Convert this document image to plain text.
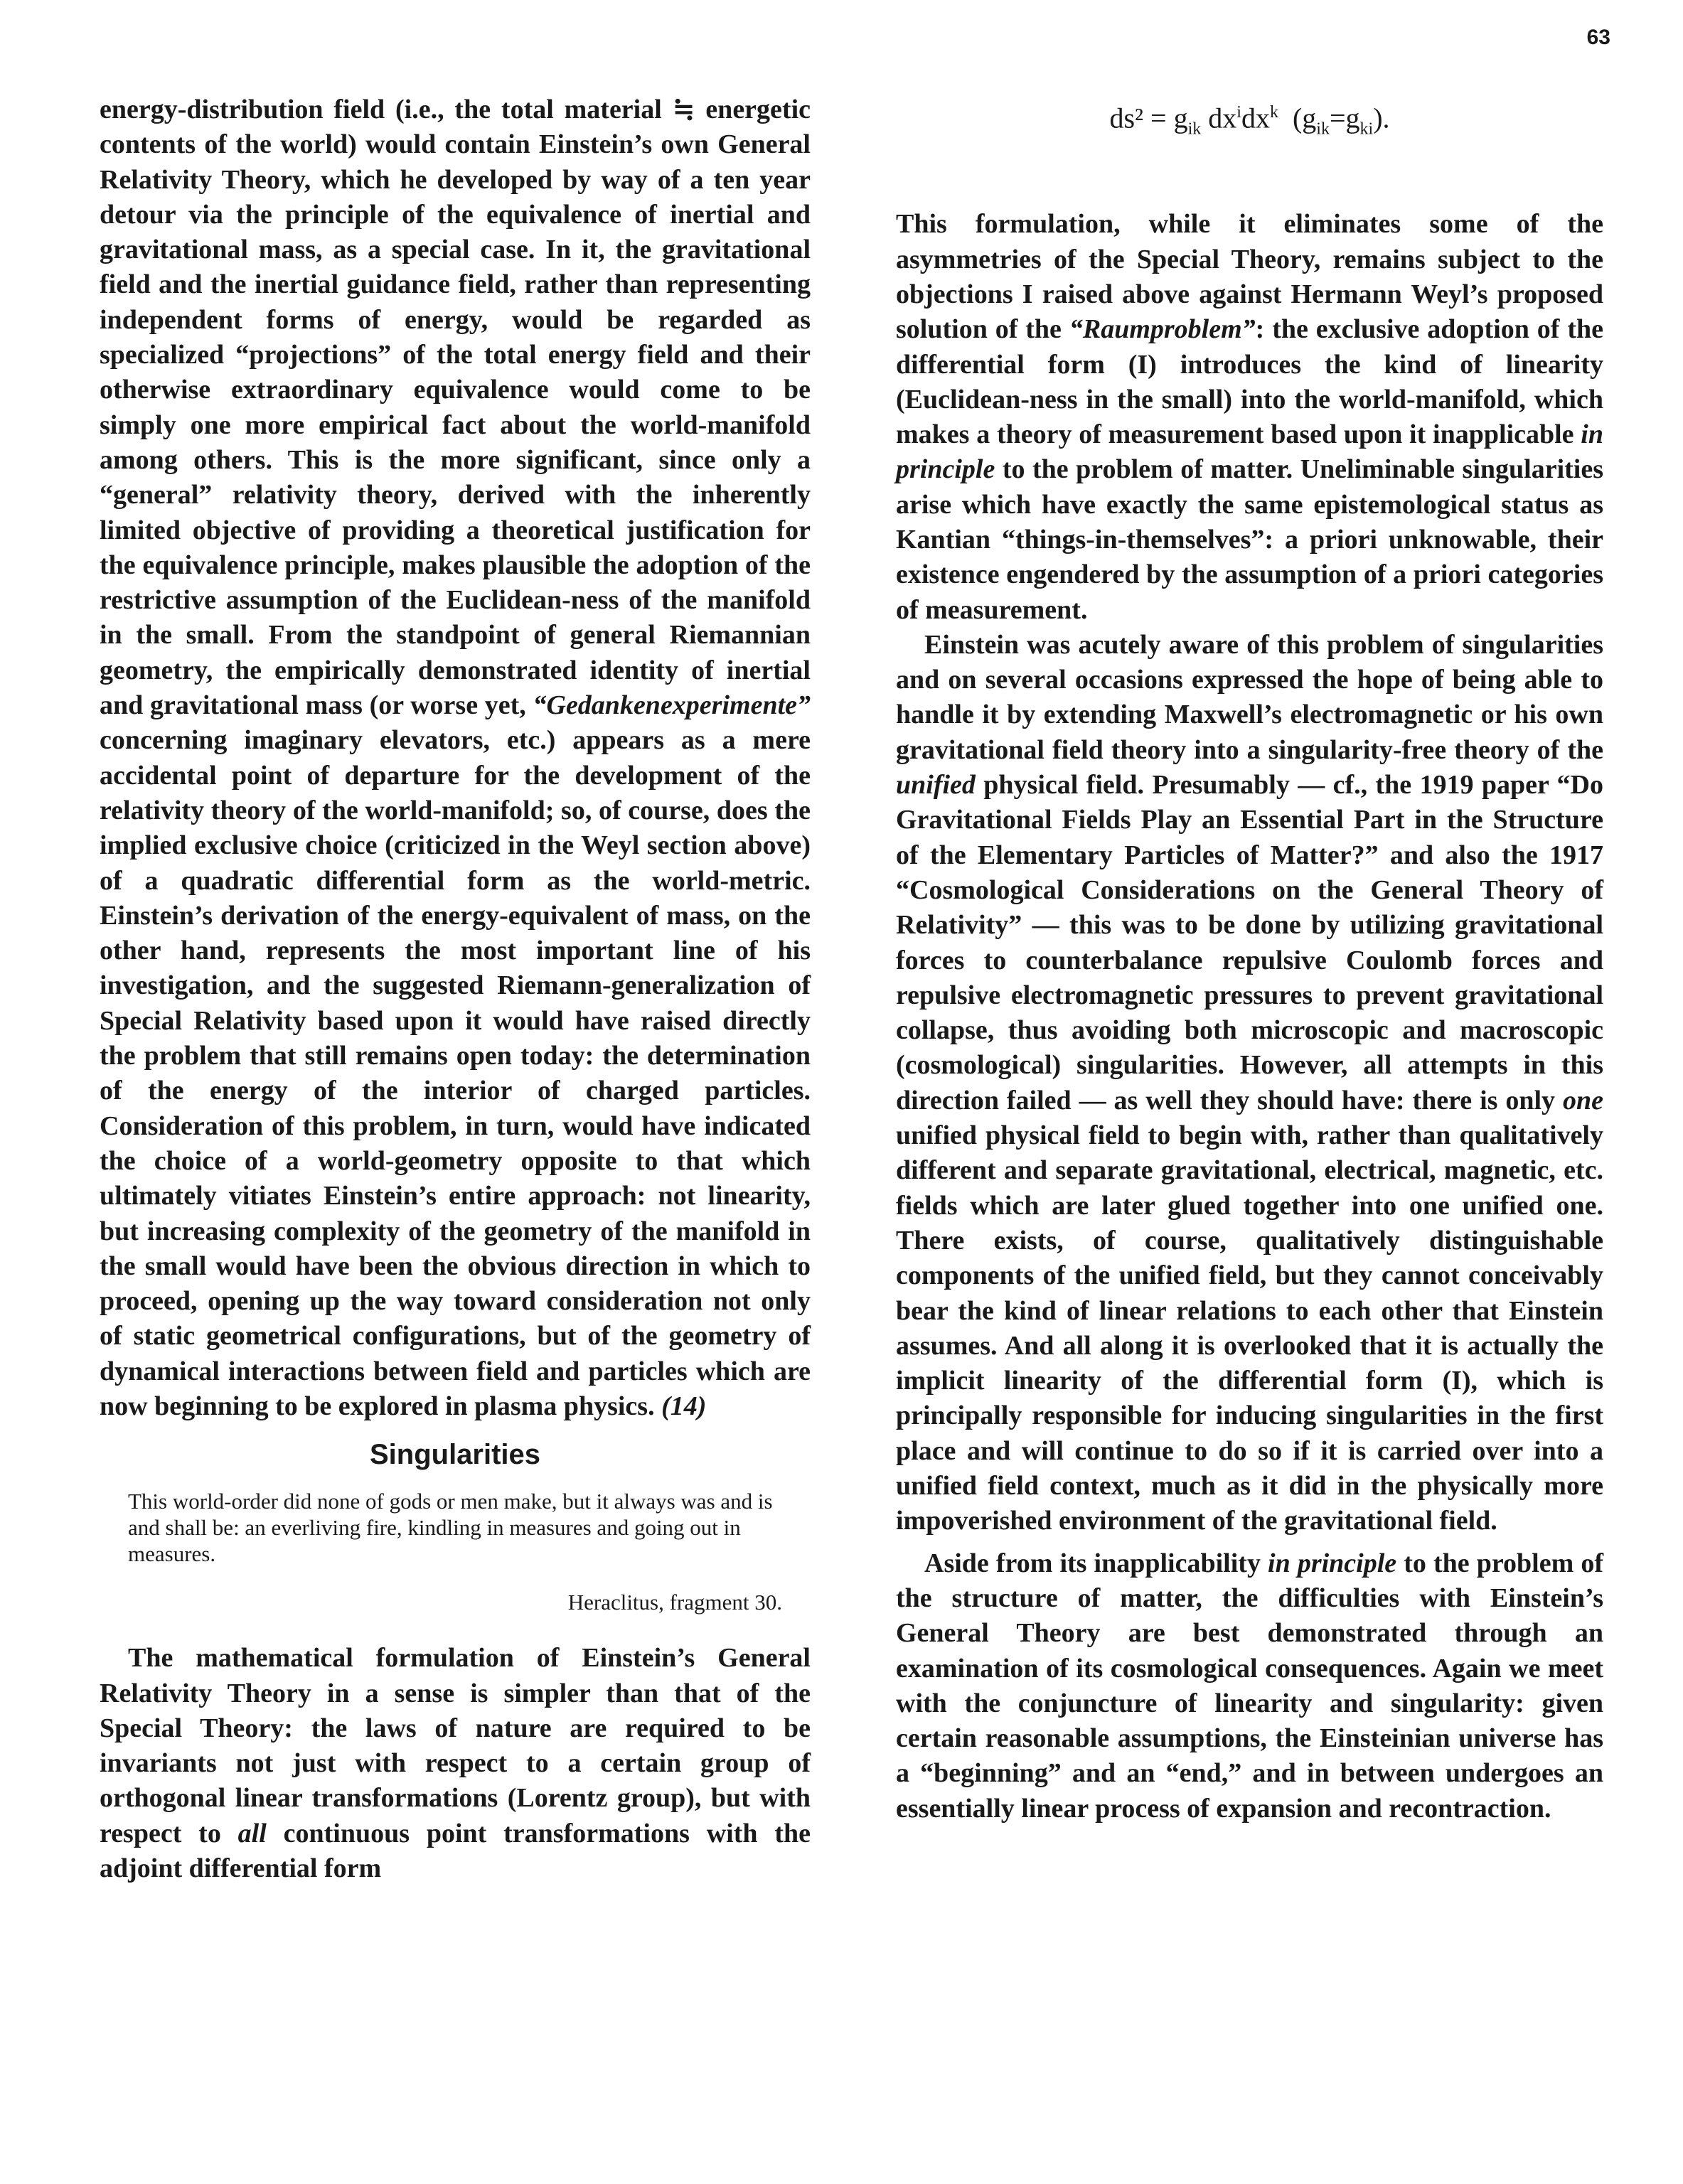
63

energy-distribution field (i.e., the total material ≒ energetic contents of the world) would contain Einstein’s own General Relativity Theory, which he developed by way of a ten year detour via the principle of the equivalence of inertial and gravitational mass, as a special case. In it, the gravitational field and the inertial guidance field, rather than representing independent forms of energy, would be regarded as specialized “projections” of the total energy field and their otherwise extraordinary equivalence would come to be simply one more empirical fact about the world-manifold among others. This is the more significant, since only a “general” relativity theory, derived with the inherently limited objective of providing a theoretical justification for the equivalence principle, makes plausible the adoption of the restrictive assumption of the Euclidean-ness of the manifold in the small. From the standpoint of general Riemannian geometry, the empirically demonstrated identity of inertial and gravitational mass (or worse yet, “Gedankenexperimente” concerning imaginary elevators, etc.) appears as a mere accidental point of departure for the development of the relativity theory of the world-manifold; so, of course, does the implied exclusive choice (criticized in the Weyl section above) of a quadratic differential form as the world-metric. Einstein’s derivation of the energy-equivalent of mass, on the other hand, represents the most important line of his investigation, and the suggested Riemann-generalization of Special Relativity based upon it would have raised directly the problem that still remains open today: the determination of the energy of the interior of charged particles. Consideration of this problem, in turn, would have indicated the choice of a world-geometry opposite to that which ultimately vitiates Einstein’s entire approach: not linearity, but increasing complexity of the geometry of the manifold in the small would have been the obvious direction in which to proceed, opening up the way toward consideration not only of static geometrical configurations, but of the geometry of dynamical interactions between field and particles which are now beginning to be explored in plasma physics. (14)

Singularities

This world-order did none of gods or men make, but it always was and is and shall be: an everliving fire, kindling in measures and going out in measures.

Heraclitus, fragment 30.

The mathematical formulation of Einstein’s General Relativity Theory in a sense is simpler than that of the Special Theory: the laws of nature are required to be invariants not just with respect to a certain group of orthogonal linear transformations (Lorentz group), but with respect to all continuous point transformations with the adjoint differential form

$ds^2 = g_{ik}$ $dx^idx^k$  $(g_{ik}=g_{ki})$.

This formulation, while it eliminates some of the asymmetries of the Special Theory, remains subject to the objections I raised above against Hermann Weyl’s proposed solution of the “Raumproblem”: the exclusive adoption of the differential form (I) introduces the kind of linearity (Euclidean-ness in the small) into the world-manifold, which makes a theory of measurement based upon it inapplicable in principle to the problem of matter. Uneliminable singularities arise which have exactly the same epistemological status as Kantian “things-in-themselves”: a priori unknowable, their existence engendered by the assumption of a priori categories of measurement.

Einstein was acutely aware of this problem of singularities and on several occasions expressed the hope of being able to handle it by extending Maxwell’s electromagnetic or his own gravitational field theory into a singularity-free theory of the unified physical field. Presumably — cf., the 1919 paper “Do Gravitational Fields Play an Essential Part in the Structure of the Elementary Particles of Matter?” and also the 1917 “Cosmological Considerations on the General Theory of Relativity” — this was to be done by utilizing gravitational forces to counterbalance repulsive Coulomb forces and repulsive electromagnetic pressures to prevent gravitational collapse, thus avoiding both microscopic and macroscopic (cosmological) singularities. However, all attempts in this direction failed — as well they should have: there is only one unified physical field to begin with, rather than qualitatively different and separate gravitational, electrical, magnetic, etc. fields which are later glued together into one unified one. There exists, of course, qualitatively distinguishable components of the unified field, but they cannot conceivably bear the kind of linear relations to each other that Einstein assumes. And all along it is overlooked that it is actually the implicit linearity of the differential form (I), which is principally responsible for inducing singularities in the first place and will continue to do so if it is carried over into a unified field context, much as it did in the physically more impoverished environment of the gravitational field.

Aside from its inapplicability in principle to the problem of the structure of matter, the difficulties with Einstein’s General Theory are best demonstrated through an examination of its cosmological consequences. Again we meet with the conjuncture of linearity and singularity: given certain reasonable assumptions, the Einsteinian universe has a “beginning” and an “end,” and in between undergoes an essentially linear process of expansion and recontraction.
